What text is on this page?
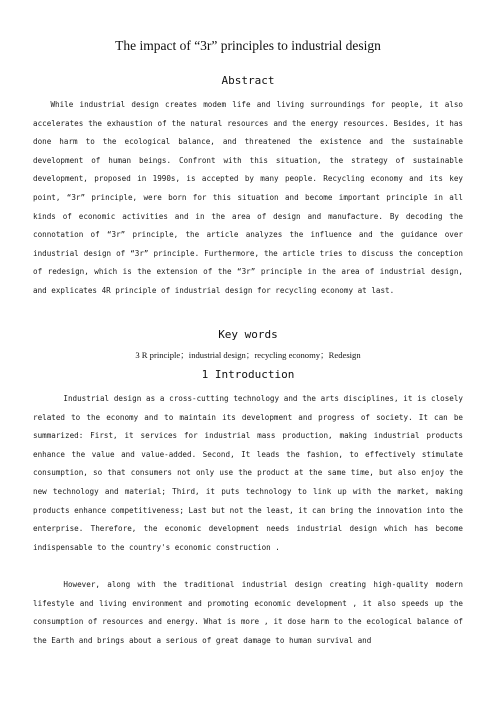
The impact of “3r” principles to industrial design
Abstract
While industrial design creates modem life and living surroundings for people, it also accelerates the exhaustion of the natural resources and the energy resources. Besides, it has done harm to the ecological balance, and threatened the existence and the sustainable development of human beings. Confront with this situation, the strategy of sustainable development, proposed in 1990s, is accepted by many people. Recycling economy and its key point, “3r” principle, were born for this situation and become important principle in all kinds of economic activities and in the area of design and manufacture. By decoding the connotation of “3r” principle, the article analyzes the influence and the guidance over industrial design of “3r” principle. Furthermore, the article tries to discuss the conception of redesign, which is the extension of the “3r” principle in the area of industrial design, and explicates 4R principle of industrial design for recycling economy at last.
Key words
3 R principle；industrial design；recycling economy；Redesign
1 Introduction
Industrial design as a cross-cutting technology and the arts disciplines, it is closely related to the economy and to maintain its development and progress of society. It can be summarized: First, it services for industrial mass production, making industrial products enhance the value and value-added. Second, It leads the fashion, to effectively stimulate consumption, so that consumers not only use the product at the same time, but also enjoy the new technology and material; Third, it puts technology to link up with the market, making products enhance competitiveness; Last but not the least, it can bring the innovation into the enterprise. Therefore, the economic development needs industrial design which has become indispensable to the country's economic construction .
However, along with the traditional industrial design creating high-quality modern lifestyle and living environment and promoting economic development , it also speeds up the consumption of resources and energy. What is more , it dose harm to the ecological balance of the Earth and brings about a serious of great damage to human survival and
